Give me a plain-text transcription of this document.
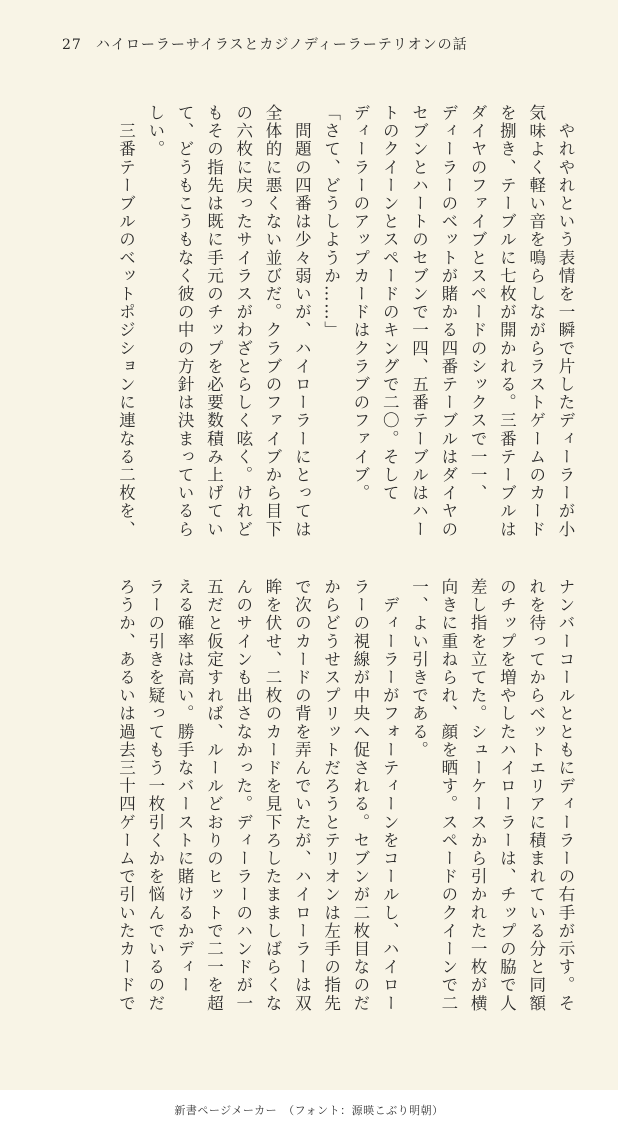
27 ハイローラーサイラスとカジノディーラーテリオンの話
　やれやれという表情を一瞬で片したディーラーが小
気味よく軽い音を鳴らしながらラストゲームのカード
を捌き、テーブルに七枚が開かれる。三番テーブルは
ダイヤのファイブとスペードのシックスで一一、
ディーラーのベットが賭かる四番テーブルはダイヤの
セブンとハートのセブンで一四、五番テーブルはハー
トのクイーンとスペードのキングで二〇。そして
ディーラーのアップカードはクラブのファイブ。
「さて、どうしようか……」
　問題の四番は少々弱いが、ハイローラーにとっては
全体的に悪くない並びだ。クラブのファイブから目下
の六枚に戻ったサイラスがわざとらしく呟く。けれど
もその指先は既に手元のチップを必要数積み上げてい
て、どうもこうもなく彼の中の方針は決まっているら
しい。
　三番テーブルのベットポジションに連なる二枚を、
ナンバーコールとともにディーラーの右手が示す。そ
れを待ってからベットエリアに積まれている分と同額
のチップを増やしたハイローラーは、チップの脇で人
差し指を立てた。シューケースから引かれた一枚が横
向きに重ねられ、顔を晒す。スペードのクイーンで二
一、よい引きである。
　ディーラーがフォーティーンをコールし、ハイロー
ラーの視線が中央へ促される。セブンが二枚目なのだ
からどうせスプリットだろうとテリオンは左手の指先
で次のカードの背を弄んでいたが、ハイローラーは双
眸を伏せ、二枚のカードを見下ろしたまましばらくな
んのサインも出さなかった。ディーラーのハンドが一
五だと仮定すれば、ルールどおりのヒットで二一を超
える確率は高い。勝手なバーストに賭けるかディー
ラーの引きを疑ってもう一枚引くかを悩んでいるのだ
ろうか、あるいは過去三十四ゲームで引いたカードで
新書ページメーカー　（フォント：源暎こぶり明朝）
